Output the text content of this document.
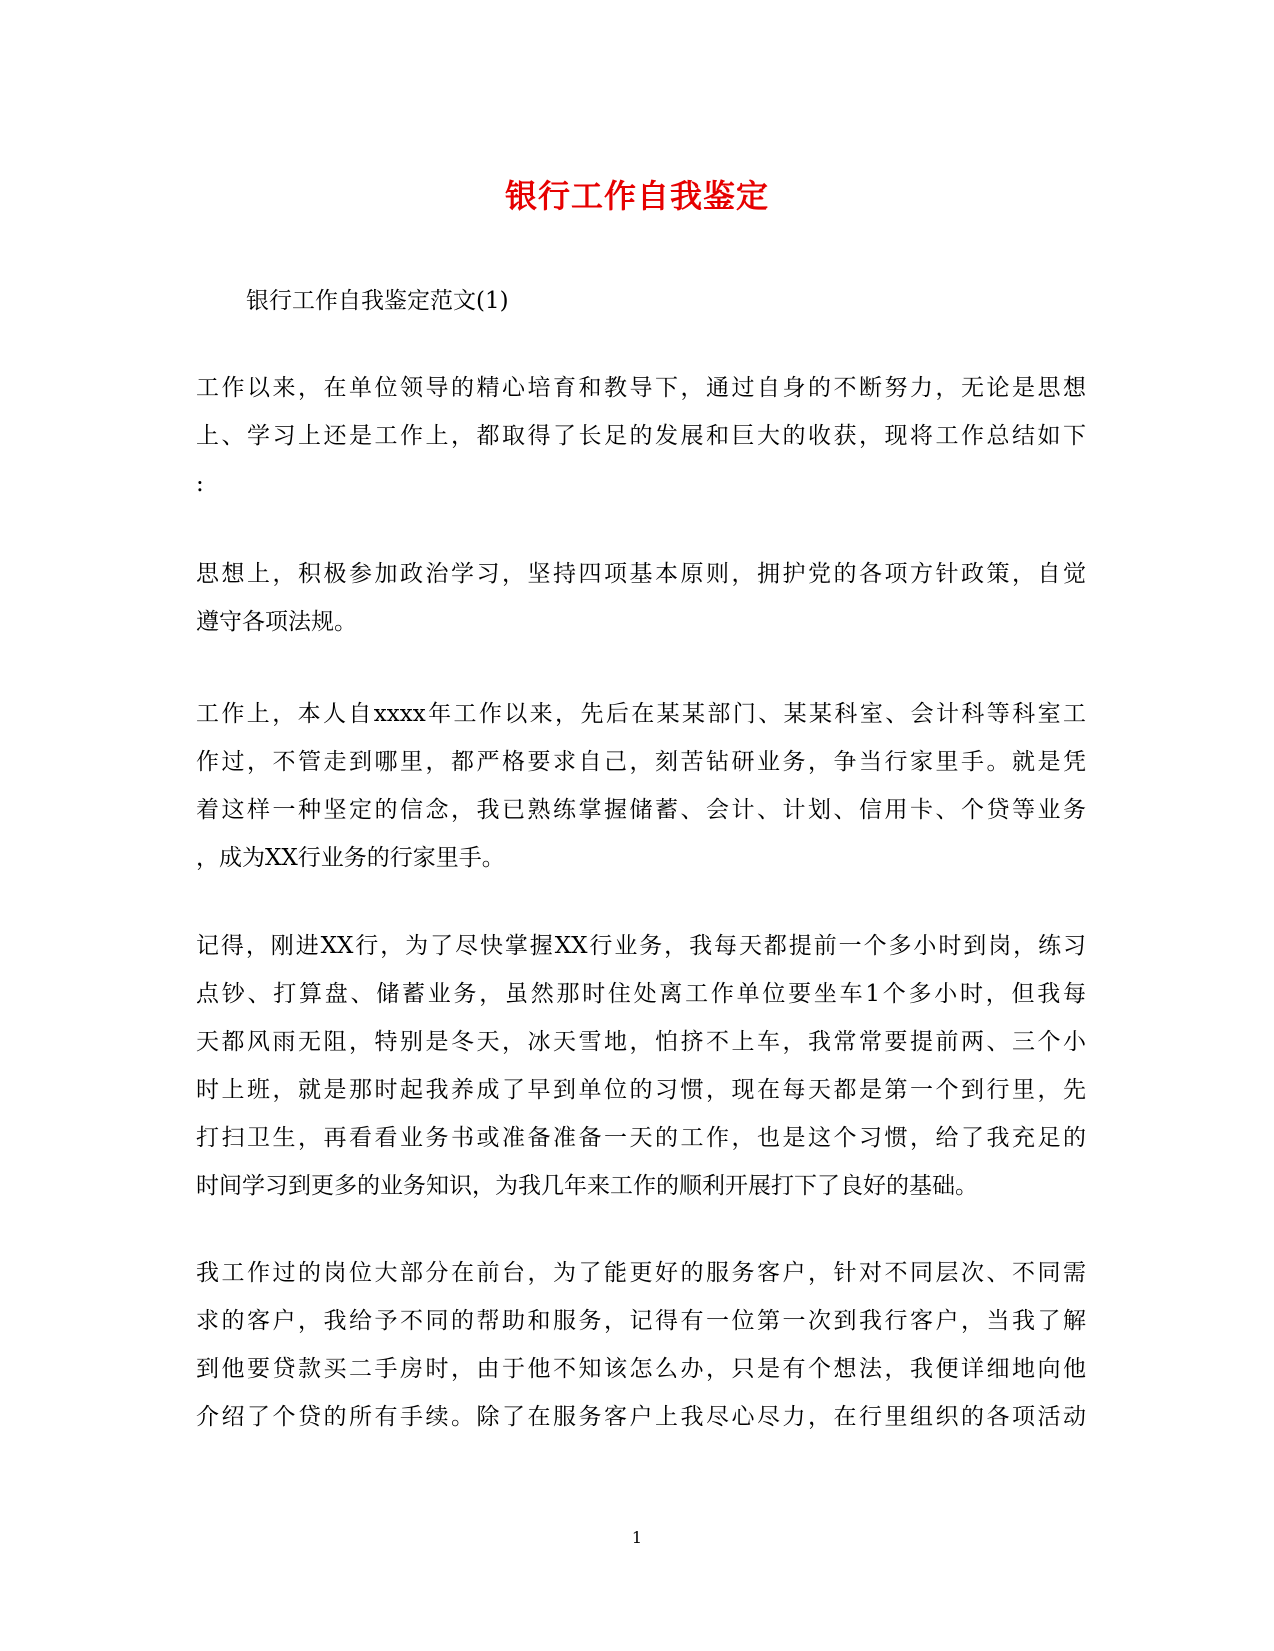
银行工作自我鉴定
银行工作自我鉴定范文(1)
工作以来，在单位领导的精心培育和教导下，通过自身的不断努力，无论是思想
上、学习上还是工作上，都取得了长足的发展和巨大的收获，现将工作总结如下
:
思想上，积极参加政治学习，坚持四项基本原则，拥护党的各项方针政策，自觉
遵守各项法规。
工作上，本人自xxxx年工作以来，先后在某某部门、某某科室、会计科等科室工
作过，不管走到哪里，都严格要求自己，刻苦钻研业务，争当行家里手。就是凭
着这样一种坚定的信念，我已熟练掌握储蓄、会计、计划、信用卡、个贷等业务
，成为XX行业务的行家里手。
记得，刚进XX行，为了尽快掌握XX行业务，我每天都提前一个多小时到岗，练习
点钞、打算盘、储蓄业务，虽然那时住处离工作单位要坐车1个多小时，但我每
天都风雨无阻，特别是冬天，冰天雪地，怕挤不上车，我常常要提前两、三个小
时上班，就是那时起我养成了早到单位的习惯，现在每天都是第一个到行里，先
打扫卫生，再看看业务书或准备准备一天的工作，也是这个习惯，给了我充足的
时间学习到更多的业务知识，为我几年来工作的顺利开展打下了良好的基础。
我工作过的岗位大部分在前台，为了能更好的服务客户，针对不同层次、不同需
求的客户，我给予不同的帮助和服务，记得有一位第一次到我行客户，当我了解
到他要贷款买二手房时，由于他不知该怎么办，只是有个想法，我便详细地向他
介绍了个贷的所有手续。除了在服务客户上我尽心尽力，在行里组织的各项活动
1
